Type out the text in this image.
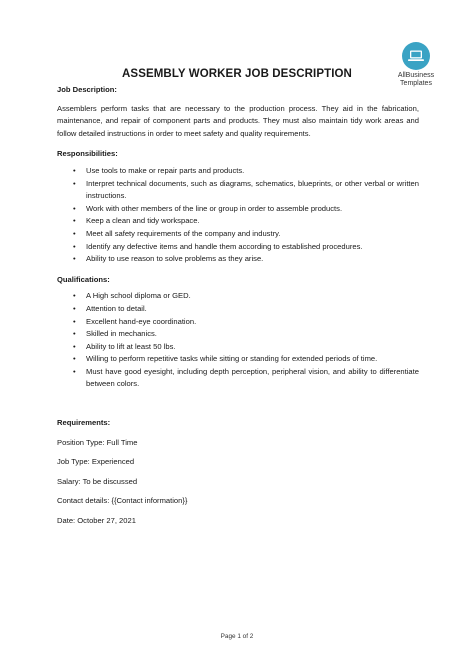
AllBusiness
Templates
ASSEMBLY WORKER JOB DESCRIPTION

Job Description:

Assemblers perform tasks that are necessary to the production process. They aid in the fabrication, maintenance, and repair of component parts and products. They must also maintain tidy work areas and follow detailed instructions in order to meet safety and quality requirements.

Responsibilities:

• Use tools to make or repair parts and products.
• Interpret technical documents, such as diagrams, schematics, blueprints, or other verbal or written instructions.
• Work with other members of the line or group in order to assemble products.
• Keep a clean and tidy workspace.
• Meet all safety requirements of the company and industry.
• Identify any defective items and handle them according to established procedures.
• Ability to use reason to solve problems as they arise.

Qualifications:

• A High school diploma or GED.
• Attention to detail.
• Excellent hand-eye coordination.
• Skilled in mechanics.
• Ability to lift at least 50 lbs.
• Willing to perform repetitive tasks while sitting or standing for extended periods of time.
• Must have good eyesight, including depth perception, peripheral vision, and ability to differentiate between colors.

Requirements:

Position Type: Full Time

Job Type: Experienced

Salary: To be discussed

Contact details: {{Contact information}}

Date: October 27, 2021

Page 1 of 2
